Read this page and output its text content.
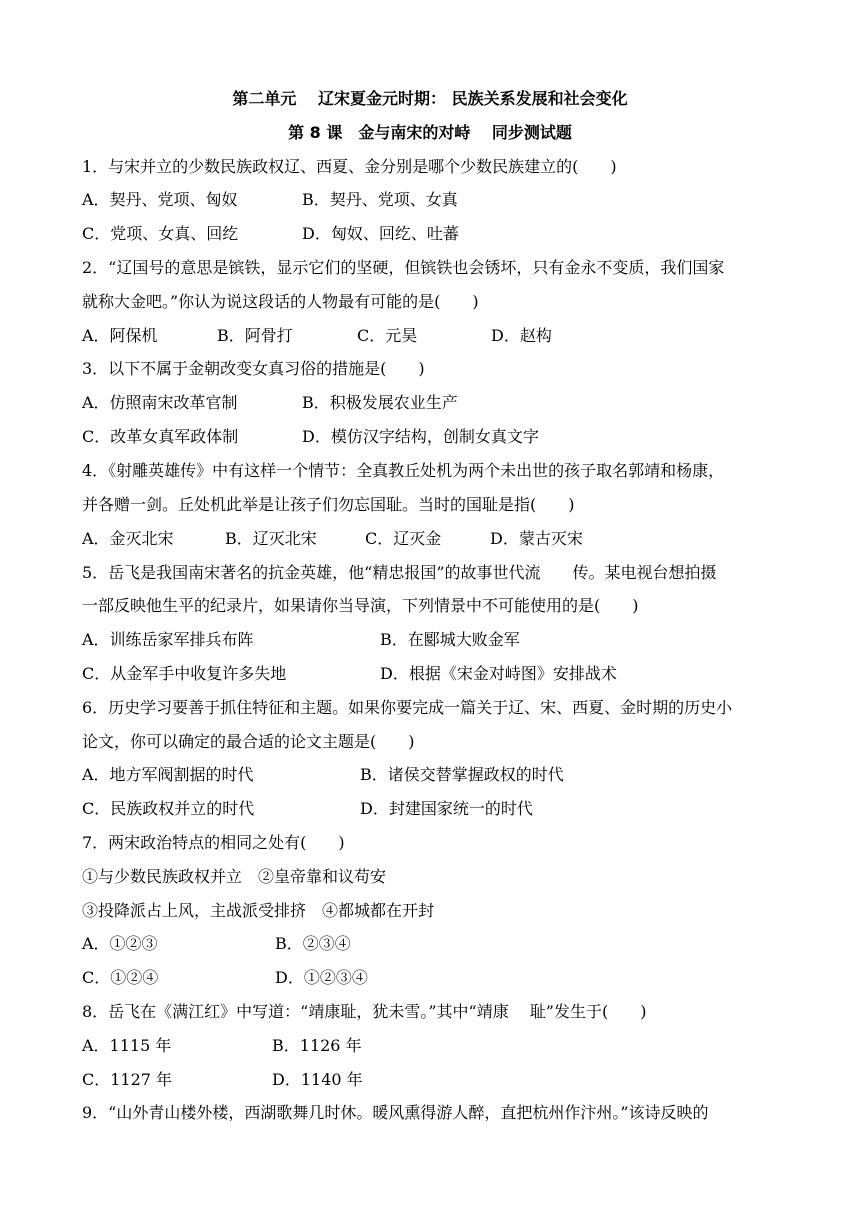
第二单元　 辽宋夏金元时期： 民族关系发展和社会变化
第 8 课　金与南宋的对峙　 同步测试题
1．与宋并立的少数民族政权辽、西夏、金分别是哪个少数民族建立的(　　)
A．契丹、党项、匈奴	B．契丹、党项、女真
C．党项、女真、回纥	D．匈奴、回纥、吐蕃
2．“辽国号的意思是镔铁，显示它们的坚硬，但镔铁也会锈坏，只有金永不变质，我们国家
就称大金吧。”你认为说这段话的人物最有可能的是(　　)
A．阿保机	B．阿骨打	C．元昊	D．赵构
3．以下不属于金朝改变女真习俗的措施是(　　)
A．仿照南宋改革官制	B．积极发展农业生产
C．改革女真军政体制	D．模仿汉字结构，创制女真文字
4．《射雕英雄传》中有这样一个情节：全真教丘处机为两个未出世的孩子取名郭靖和杨康，
并各赠一剑。丘处机此举是让孩子们勿忘国耻。当时的国耻是指(　　)
A．金灭北宋	B．辽灭北宋	C．辽灭金	D．蒙古灭宋
5．岳飞是我国南宋著名的抗金英雄，他“精忠报国”的故事世代流　　传。某电视台想拍摄
一部反映他生平的纪录片，如果请你当导演，下列情景中不可能使用的是(　　)
A．训练岳家军排兵布阵	B．在郾城大败金军
C．从金军手中收复许多失地	D．根据《宋金对峙图》安排战术
6．历史学习要善于抓住特征和主题。如果你要完成一篇关于辽、宋、西夏、金时期的历史小
论文，你可以确定的最合适的论文主题是(　　)
A．地方军阀割据的时代	B．诸侯交替掌握政权的时代
C．民族政权并立的时代	D．封建国家统一的时代
7．两宋政治特点的相同之处有(　　)
①与少数民族政权并立　②皇帝靠和议苟安
③投降派占上风，主战派受排挤　④都城都在开封
A．①②③	B．②③④
C．①②④	D．①②③④
8．岳飞在《满江红》中写道：“靖康耻，犹未雪。”其中“靖康　 耻”发生于(　　)
A．1115 年	B．1126 年
C．1127 年	D．1140 年
9．“山外青山楼外楼，西湖歌舞几时休。暖风熏得游人醉，直把杭州作汴州。”该诗反映的
